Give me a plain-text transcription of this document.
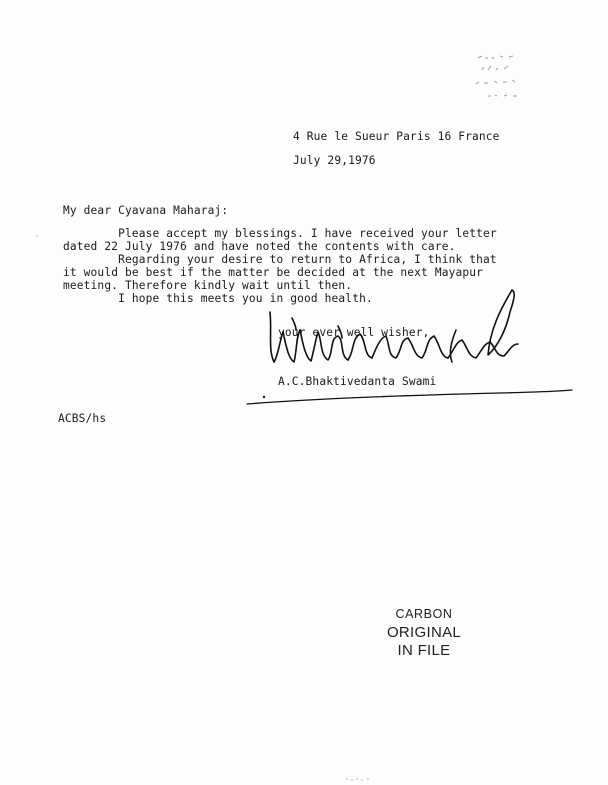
4 Rue le Sueur Paris 16 France
July 29,1976
My dear Cyavana Maharaj:
Please accept my blessings. I have received your letter
dated 22 July 1976 and have noted the contents with care.
Regarding your desire to return to Africa, I think that
it would be best if the matter be decided at the next Mayapur
meeting. Therefore kindly wait until then.
I hope this meets you in good health.
your ever well wisher,
A.C.Bhaktivedanta Swami
ACBS/hs
CARBON
ORIGINAL
IN FILE
